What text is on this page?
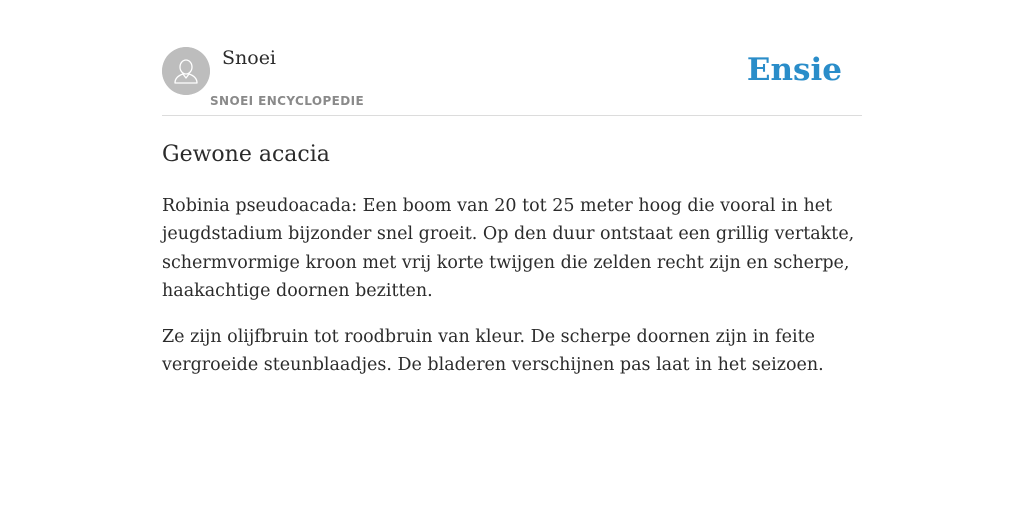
Snoei
SNOEI ENCYCLOPEDIE
Ensie
Gewone acacia

Robinia pseudoacada: Een boom van 20 tot 25 meter hoog die vooral in het jeugdstadium bijzonder snel groeit. Op den duur ontstaat een grillig vertakte, schermvormige kroon met vrij korte twijgen die zelden recht zijn en scherpe, haakachtige doornen bezitten.

Ze zijn olijfbruin tot roodbruin van kleur. De scherpe doornen zijn in feite vergroeide steunblaadjes. De bladeren verschijnen pas laat in het seizoen.
